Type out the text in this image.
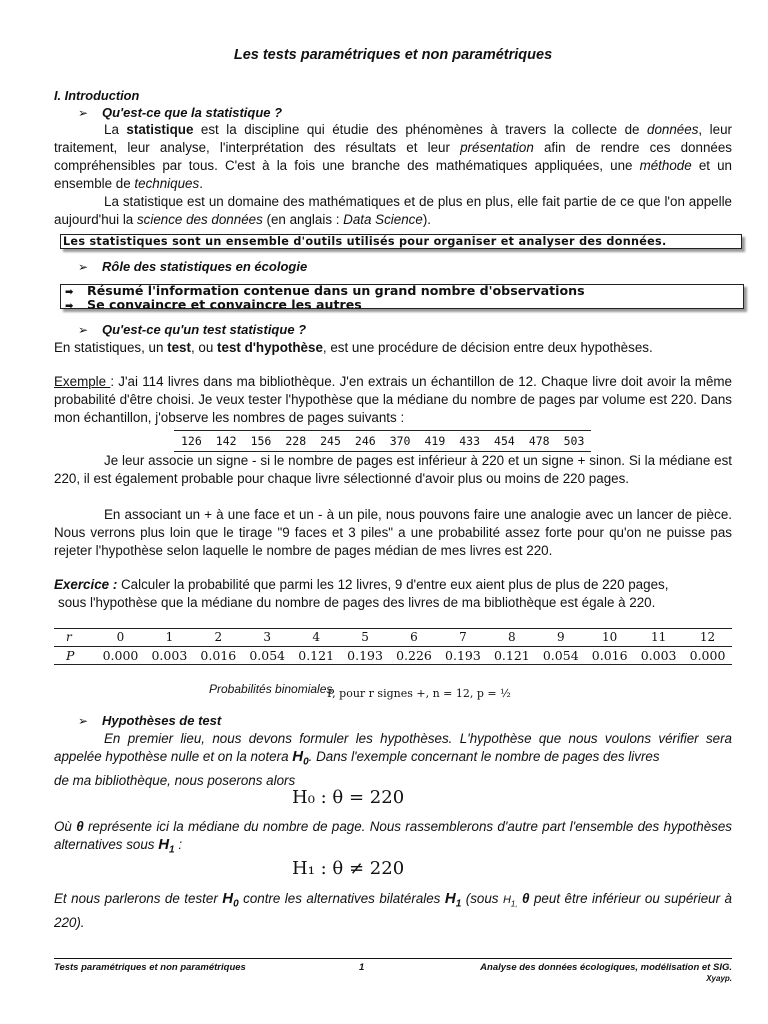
Les tests paramétriques et non paramétriques
I. Introduction
➢ Qu'est-ce que la statistique ?
La statistique est la discipline qui étudie des phénomènes à travers la collecte de données, leur traitement, leur analyse, l'interprétation des résultats et leur présentation afin de rendre ces données compréhensibles par tous. C'est à la fois une branche des mathématiques appliquées, une méthode et un ensemble de techniques.
La statistique est un domaine des mathématiques et de plus en plus, elle fait partie de ce que l'on appelle aujourd'hui la science des données (en anglais : Data Science).
Les statistiques sont un ensemble d'outils utilisés pour organiser et analyser des données.
➢ Rôle des statistiques en écologie
➡ Résumé l'information contenue dans un grand nombre d'observations
➡ Se convaincre et convaincre les autres
➢ Qu'est-ce qu'un test statistique ?
En statistiques, un test, ou test d'hypothèse, est une procédure de décision entre deux hypothèses.
Exemple : J'ai 114 livres dans ma bibliothèque. J'en extrais un échantillon de 12. Chaque livre doit avoir la même probabilité d'être choisi. Je veux tester l'hypothèse que la médiane du nombre de pages par volume est 220. Dans mon échantillon, j'observe les nombres de pages suivants :
126	142	156	228	245	246	370	419	433	454	478	503
Je leur associe un signe - si le nombre de pages est inférieur à 220 et un signe + sinon. Si la médiane est 220, il est également probable pour chaque livre sélectionné d'avoir plus ou moins de 220 pages.
En associant un + à une face et un - à un pile, nous pouvons faire une analogie avec un lancer de pièce. Nous verrons plus loin que le tirage "9 faces et 3 piles" a une probabilité assez forte pour qu'on ne puisse pas rejeter l'hypothèse selon laquelle le nombre de pages médian de mes livres est 220.
Exercice : Calculer la probabilité que parmi les 12 livres, 9 d'entre eux aient plus de plus de 220 pages,
sous l'hypothèse que la médiane du nombre de pages des livres de ma bibliothèque est égale à 220.
r	0	1	2	3	4	5	6	7	8	9	10	11	12
P	0.000	0.003	0.016	0.054	0.121	0.193	0.226	0.193	0.121	0.054	0.016	0.003	0.000
Probabilités binomiales
P, pour r signes +, n = 12, p = ½
➢ Hypothèses de test
En premier lieu, nous devons formuler les hypothèses. L'hypothèse que nous voulons vérifier sera appelée hypothèse nulle et on la notera $H_0$. Dans l'exemple concernant le nombre de pages des livres
de ma bibliothèque, nous poserons alors
H₀ : θ = 220
Où θ représente ici la médiane du nombre de page. Nous rassemblerons d'autre part l'ensemble des hypothèses alternatives sous $H_1$ :
H₁ : θ ≠ 220
Et nous parlerons de tester $H_0$ contre les alternatives bilatérales $H_1$ (sous $H_{1,}$ θ peut être inférieur ou supérieur à 220).
Tests paramétriques et non paramétriques	1	Analyse des données écologiques, modélisation et SIG.
Xyayp.
